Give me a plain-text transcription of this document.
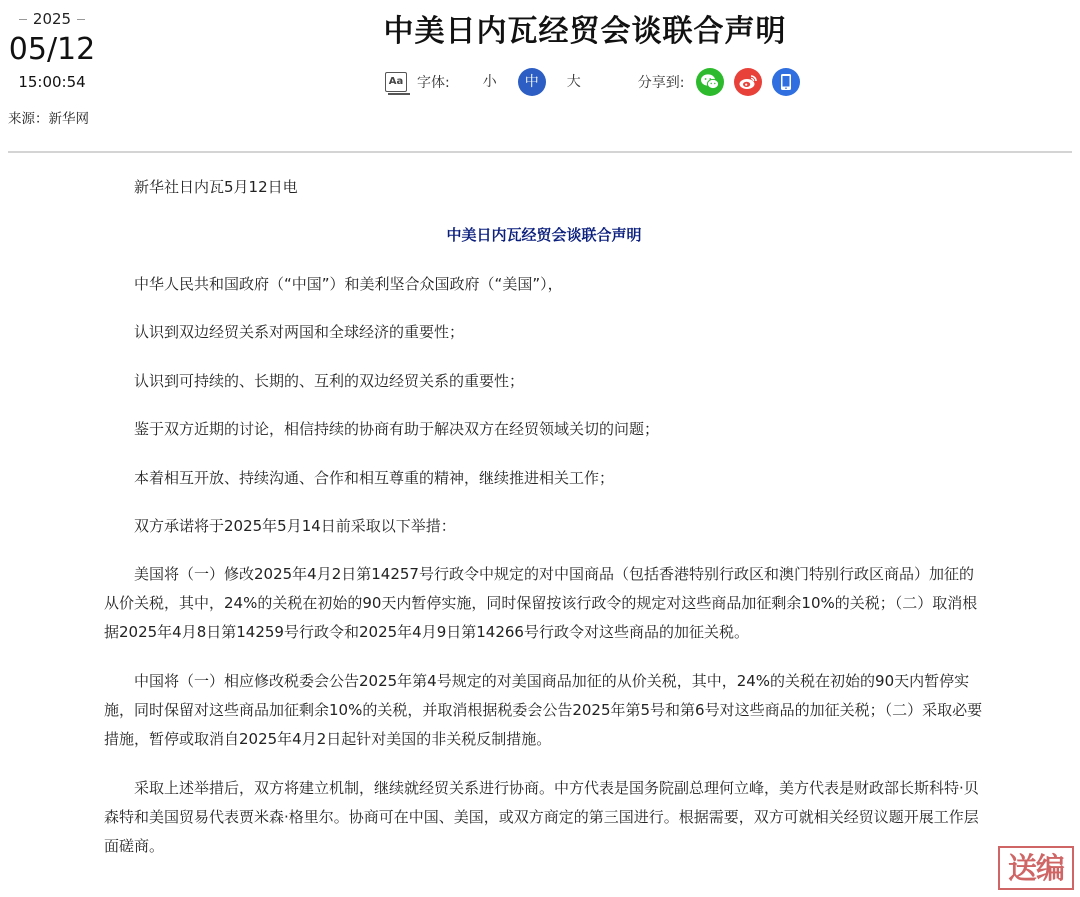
2025
05/12
15:00:54
来源：新华网
中美日内瓦经贸会谈联合声明
Aa 字体:	小	中	大	分享到:

新华社日内瓦5月12日电

中美日内瓦经贸会谈联合声明

中华人民共和国政府（“中国”）和美利坚合众国政府（“美国”），

认识到双边经贸关系对两国和全球经济的重要性；

认识到可持续的、长期的、互利的双边经贸关系的重要性；

鉴于双方近期的讨论，相信持续的协商有助于解决双方在经贸领域关切的问题；

本着相互开放、持续沟通、合作和相互尊重的精神，继续推进相关工作；

双方承诺将于2025年5月14日前采取以下举措：

美国将（一）修改2025年4月2日第14257号行政令中规定的对中国商品（包括香港特别行政区和澳门特别行政区商品）加征的从价关税，其中，24%的关税在初始的90天内暂停实施，同时保留按该行政令的规定对这些商品加征剩余10%的关税；（二）取消根据2025年4月8日第14259号行政令和2025年4月9日第14266号行政令对这些商品的加征关税。

中国将（一）相应修改税委会公告2025年第4号规定的对美国商品加征的从价关税，其中，24%的关税在初始的90天内暂停实施，同时保留对这些商品加征剩余10%的关税，并取消根据税委会公告2025年第5号和第6号对这些商品的加征关税；（二）采取必要措施，暂停或取消自2025年4月2日起针对美国的非关税反制措施。

采取上述举措后，双方将建立机制，继续就经贸关系进行协商。中方代表是国务院副总理何立峰，美方代表是财政部长斯科特·贝森特和美国贸易代表贾米森·格里尔。协商可在中国、美国，或双方商定的第三国进行。根据需要，双方可就相关经贸议题开展工作层面磋商。

送编
